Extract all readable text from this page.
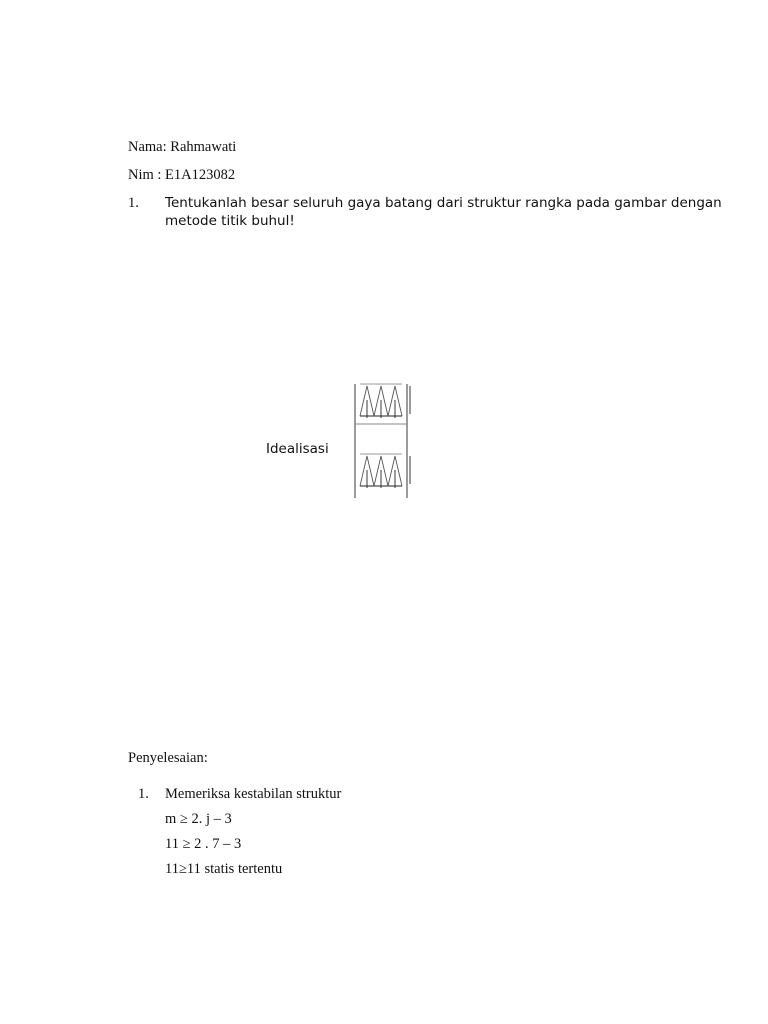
Nama: Rahmawati
Nim : E1A123082
1. Tentukanlah besar seluruh gaya batang dari struktur rangka pada gambar dengan metode titik buhul!
Idealisasi
Penyelesaian:
1. Memeriksa kestabilan struktur
m ≥ 2. j – 3
11 ≥ 2 . 7 – 3
11≥11 statis tertentu
